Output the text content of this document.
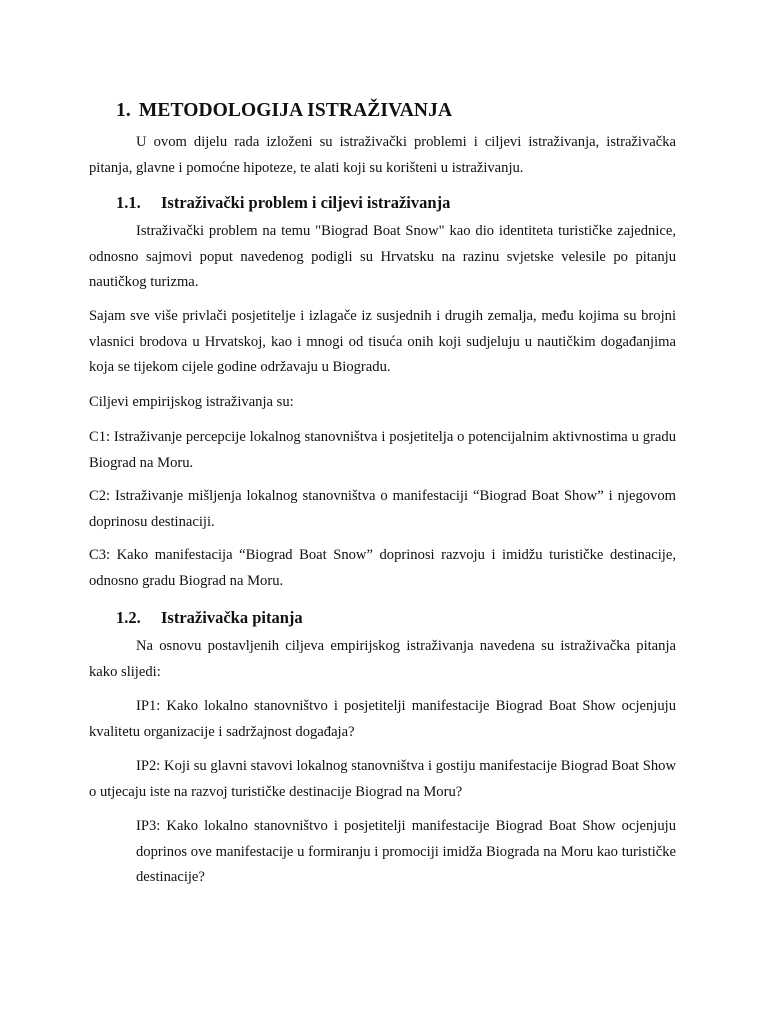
1. METODOLOGIJA ISTRAŽIVANJA

U ovom dijelu rada izloženi su istraživački problemi i ciljevi istraživanja, istraživačka pitanja, glavne i pomoćne hipoteze, te alati koji su korišteni u istraživanju.

1.1. Istraživački problem i ciljevi istraživanja

Istraživački problem na temu "Biograd Boat Snow" kao dio identiteta turističke zajednice, odnosno sajmovi poput navedenog podigli su Hrvatsku na razinu svjetske velesile po pitanju nautičkog turizma.

Sajam sve više privlači posjetitelje i izlagače iz susjednih i drugih zemalja, među kojima su brojni vlasnici brodova u Hrvatskoj, kao i mnogi od tisuća onih koji sudjeluju u nautičkim događanjima koja se tijekom cijele godine održavaju u Biogradu.

Ciljevi empirijskog istraživanja su:

C1: Istraživanje percepcije lokalnog stanovništva i posjetitelja o potencijalnim aktivnostima u gradu Biograd na Moru.

C2: Istraživanje mišljenja lokalnog stanovništva o manifestaciji “Biograd Boat Show” i njegovom doprinosu destinaciji.

C3: Kako manifestacija “Biograd Boat Snow” doprinosi razvoju i imidžu turističke destinacije, odnosno gradu Biograd na Moru.

1.2. Istraživačka pitanja

Na osnovu postavljenih ciljeva empirijskog istraživanja navedena su istraživačka pitanja kako slijedi:

IP1: Kako lokalno stanovništvo i posjetitelji manifestacije Biograd Boat Show ocjenjuju kvalitetu organizacije i sadržajnost događaja?

IP2: Koji su glavni stavovi lokalnog stanovništva i gostiju manifestacije Biograd Boat Show o utjecaju iste na razvoj turističke destinacije Biograd na Moru?

IP3: Kako lokalno stanovništvo i posjetitelji manifestacije Biograd Boat Show ocjenjuju doprinos ove manifestacije u formiranju i promociji imidža Biograda na Moru kao turističke destinacije?
